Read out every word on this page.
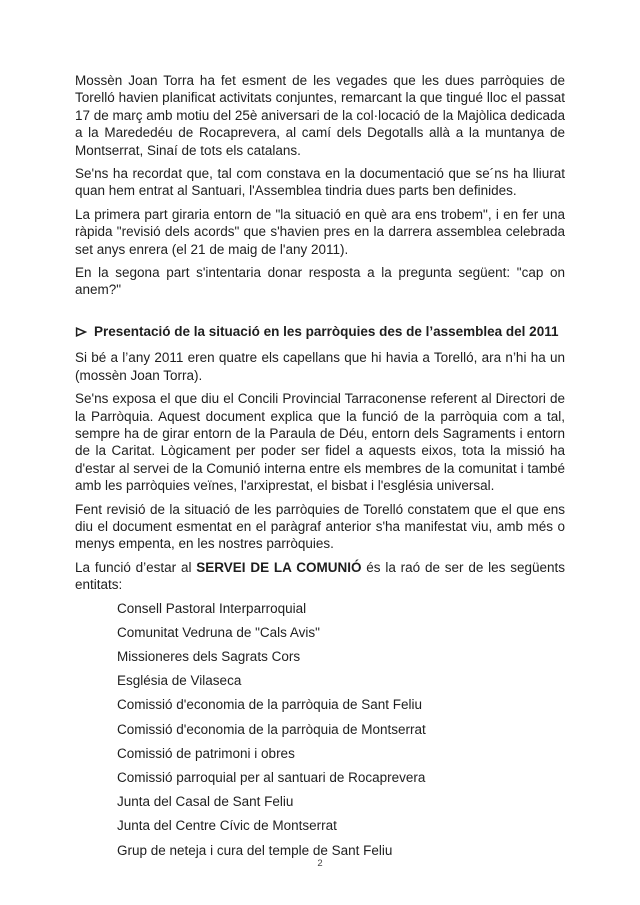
Mossèn Joan Torra ha fet esment de les vegades que les dues parròquies de Torelló havien planificat activitats conjuntes, remarcant la que tingué lloc el passat 17 de març amb motiu del 25è aniversari de la col·locació de la Majòlica dedicada a la Marededéu de Rocaprevera, al camí dels Degotalls allà a la muntanya de Montserrat, Sinaí de tots els catalans.

Se'ns ha recordat que, tal com constava en la documentació que se´ns ha lliurat quan hem entrat al Santuari, l'Assemblea tindria dues parts ben definides.

La primera part giraria entorn de "la situació en què ara ens trobem", i en fer una ràpida "revisió dels acords" que s'havien pres en la darrera assemblea celebrada set anys enrera (el 21 de maig de l'any 2011).

En la segona part s'intentaria donar resposta a la pregunta següent: "cap on anem?"

Presentació de la situació en les parròquies des de l’assemblea del 2011

Si bé a l’any 2011 eren quatre els capellans que hi havia a Torelló, ara n’hi ha un (mossèn Joan Torra).

Se'ns exposa el que diu el Concili Provincial Tarraconense referent al Directori de la Parròquia. Aquest document explica que la funció de la parròquia com a tal, sempre ha de girar entorn de la Paraula de Déu, entorn dels Sagraments i entorn de la Caritat. Lògicament per poder ser fidel a aquests eixos, tota la missió ha d'estar al servei de la Comunió interna entre els membres de la comunitat i també amb les parròquies veïnes, l'arxiprestat, el bisbat i l'església universal.

Fent revisió de la situació de les parròquies de Torelló constatem que el que ens diu el document esmentat en el paràgraf anterior s'ha manifestat viu, amb més o menys empenta, en les nostres parròquies.

La funció d’estar al SERVEI DE LA COMUNIÓ és la raó de ser de les següents entitats:

Consell Pastoral Interparroquial
Comunitat Vedruna de "Cals Avis"
Missioneres dels Sagrats Cors
Església de Vilaseca
Comissió d'economia de la parròquia de Sant Feliu
Comissió d'economia de la parròquia de Montserrat
Comissió de patrimoni i obres
Comissió parroquial per al santuari de Rocaprevera
Junta del Casal de Sant Feliu
Junta del Centre Cívic de Montserrat
Grup de neteja i cura del temple de Sant Feliu
2
